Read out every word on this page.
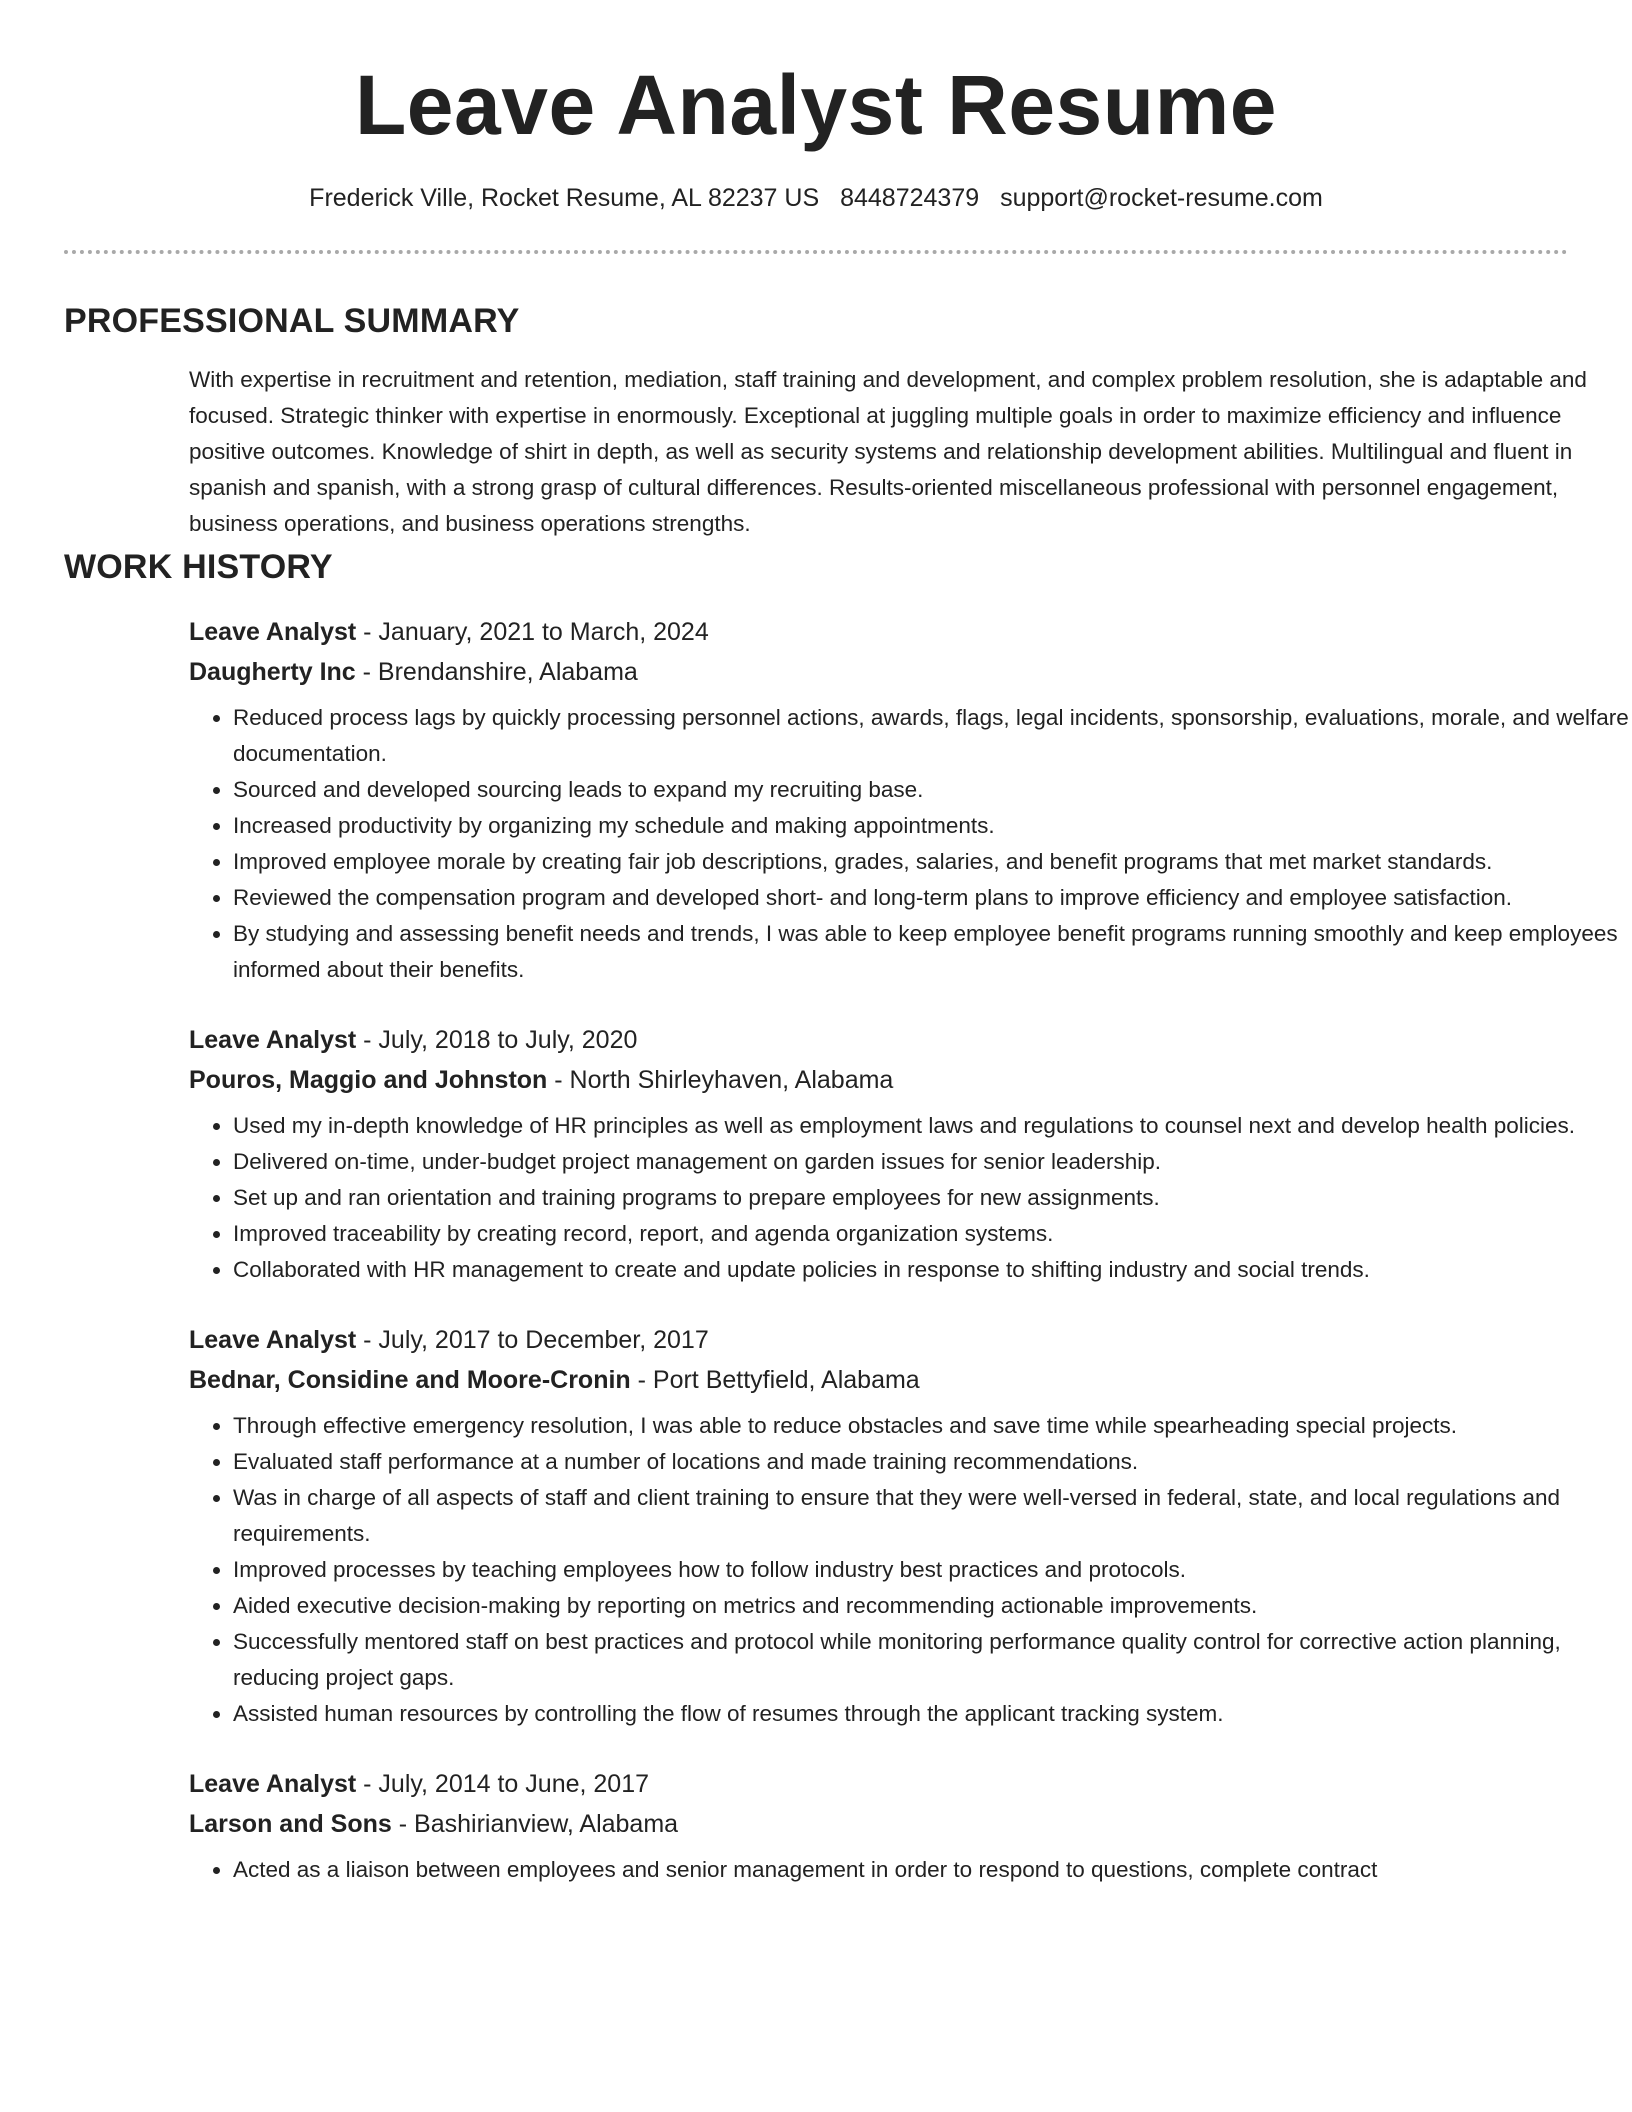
Leave Analyst Resume
Frederick Ville, Rocket Resume, AL 82237 US 8448724379 support@rocket-resume.com
PROFESSIONAL SUMMARY

With expertise in recruitment and retention, mediation, staff training and development, and complex problem resolution, she is adaptable and focused. Strategic thinker with expertise in enormously. Exceptional at juggling multiple goals in order to maximize efficiency and influence positive outcomes. Knowledge of shirt in depth, as well as security systems and relationship development abilities. Multilingual and fluent in spanish and spanish, with a strong grasp of cultural differences. Results-oriented miscellaneous professional with personnel engagement, business operations, and business operations strengths.

WORK HISTORY
Leave Analyst - January, 2021 to March, 2024
Daugherty Inc - Brendanshire, Alabama
• Reduced process lags by quickly processing personnel actions, awards, flags, legal incidents, sponsorship, evaluations, morale, and welfare documentation.
• Sourced and developed sourcing leads to expand my recruiting base.
• Increased productivity by organizing my schedule and making appointments.
• Improved employee morale by creating fair job descriptions, grades, salaries, and benefit programs that met market standards.
• Reviewed the compensation program and developed short- and long-term plans to improve efficiency and employee satisfaction.
• By studying and assessing benefit needs and trends, I was able to keep employee benefit programs running smoothly and keep employees informed about their benefits.
Leave Analyst - July, 2018 to July, 2020
Pouros, Maggio and Johnston - North Shirleyhaven, Alabama
• Used my in-depth knowledge of HR principles as well as employment laws and regulations to counsel next and develop health policies.
• Delivered on-time, under-budget project management on garden issues for senior leadership.
• Set up and ran orientation and training programs to prepare employees for new assignments.
• Improved traceability by creating record, report, and agenda organization systems.
• Collaborated with HR management to create and update policies in response to shifting industry and social trends.
Leave Analyst - July, 2017 to December, 2017
Bednar, Considine and Moore-Cronin - Port Bettyfield, Alabama
• Through effective emergency resolution, I was able to reduce obstacles and save time while spearheading special projects.
• Evaluated staff performance at a number of locations and made training recommendations.
• Was in charge of all aspects of staff and client training to ensure that they were well-versed in federal, state, and local regulations and requirements.
• Improved processes by teaching employees how to follow industry best practices and protocols.
• Aided executive decision-making by reporting on metrics and recommending actionable improvements.
• Successfully mentored staff on best practices and protocol while monitoring performance quality control for corrective action planning, reducing project gaps.
• Assisted human resources by controlling the flow of resumes through the applicant tracking system.
Leave Analyst - July, 2014 to June, 2017
Larson and Sons - Bashirianview, Alabama
• Acted as a liaison between employees and senior management in order to respond to questions, complete contract
